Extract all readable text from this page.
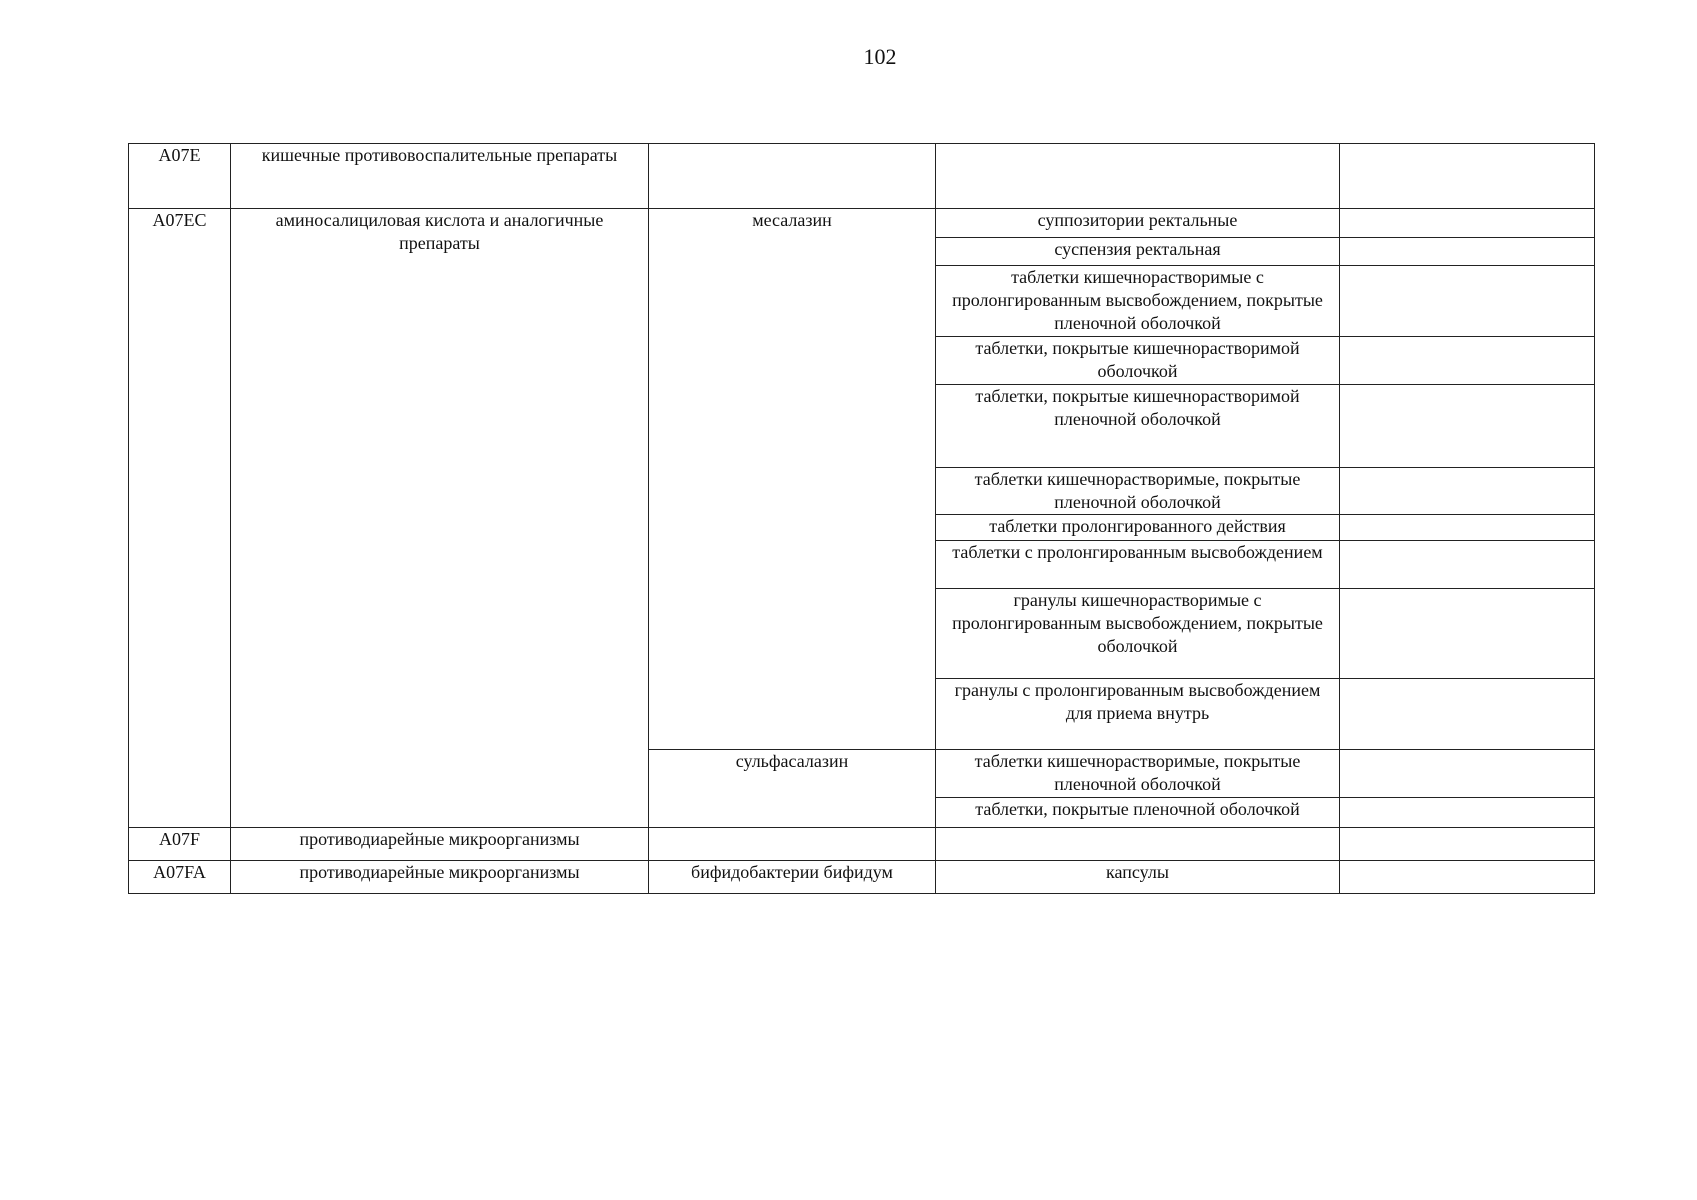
102
A07E	кишечные противовоспалительные препараты			
A07EC	аминосалициловая кислота и аналогичные препараты	месалазин	суппозитории ректальные	
			суспензия ректальная	
			таблетки кишечнорастворимые с пролонгированным высвобождением, покрытые пленочной оболочкой	
			таблетки, покрытые кишечнорастворимой оболочкой	
			таблетки, покрытые кишечнорастворимой пленочной оболочкой	
			таблетки кишечнорастворимые, покрытые пленочной оболочкой	
			таблетки пролонгированного действия	
			таблетки с пролонгированным высвобождением	
			гранулы кишечнорастворимые с пролонгированным высвобождением, покрытые оболочкой	
			гранулы с пролонгированным высвобождением для приема внутрь	
		сульфасалазин	таблетки кишечнорастворимые, покрытые пленочной оболочкой	
			таблетки, покрытые пленочной оболочкой	
A07F	противодиарейные микроорганизмы			
A07FA	противодиарейные микроорганизмы	бифидобактерии бифидум	капсулы	
